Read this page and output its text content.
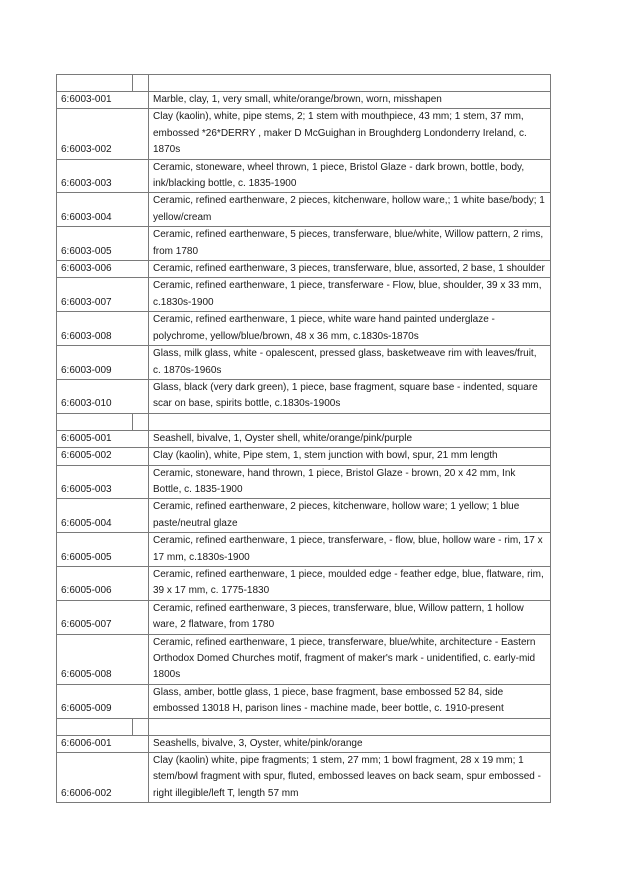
6:6003-001		Marble, clay, 1, very small, white/orange/brown, worn, misshapen
6:6003-002		Clay (kaolin), white, pipe stems, 2; 1 stem with mouthpiece, 43 mm; 1 stem, 37 mm, embossed *26*DERRY , maker D McGuighan in Broughderg Londonderry Ireland, c. 1870s
6:6003-003		Ceramic, stoneware, wheel thrown, 1 piece, Bristol Glaze - dark brown, bottle, body, ink/blacking bottle, c. 1835-1900
6:6003-004		Ceramic, refined earthenware, 2 pieces, kitchenware, hollow ware,; 1 white base/body; 1 yellow/cream
6:6003-005		Ceramic, refined earthenware, 5 pieces, transferware, blue/white, Willow pattern, 2 rims, from 1780
6:6003-006		Ceramic, refined earthenware, 3 pieces, transferware, blue, assorted, 2 base, 1 shoulder
6:6003-007		Ceramic, refined earthenware, 1 piece, transferware - Flow, blue, shoulder, 39 x 33 mm, c.1830s-1900
6:6003-008		Ceramic, refined earthenware, 1 piece, white ware hand painted underglaze - polychrome, yellow/blue/brown, 48 x 36 mm, c.1830s-1870s
6:6003-009		Glass, milk glass, white - opalescent, pressed glass, basketweave rim with leaves/fruit, c. 1870s-1960s
6:6003-010		Glass, black (very dark green), 1 piece, base fragment, square base - indented, square scar on base, spirits bottle, c.1830s-1900s

6:6005-001		Seashell, bivalve, 1, Oyster shell, white/orange/pink/purple
6:6005-002		Clay (kaolin), white, Pipe stem, 1, stem junction with bowl, spur, 21 mm length
6:6005-003		Ceramic, stoneware, hand thrown, 1 piece, Bristol Glaze - brown, 20 x 42 mm, Ink Bottle, c. 1835-1900
6:6005-004		Ceramic, refined earthenware, 2 pieces, kitchenware, hollow ware; 1 yellow; 1 blue paste/neutral glaze
6:6005-005		Ceramic, refined earthenware, 1 piece, transferware, - flow, blue, hollow ware - rim, 17 x 17 mm, c.1830s-1900
6:6005-006		Ceramic, refined earthenware, 1 piece, moulded edge - feather edge, blue, flatware, rim, 39 x 17 mm, c. 1775-1830
6:6005-007		Ceramic, refined earthenware, 3 pieces, transferware, blue, Willow pattern, 1 hollow ware, 2 flatware, from 1780
6:6005-008		Ceramic, refined earthenware, 1 piece, transferware, blue/white, architecture - Eastern Orthodox Domed Churches motif, fragment of maker's mark - unidentified, c. early-mid 1800s
6:6005-009		Glass, amber, bottle glass, 1 piece, base fragment, base embossed 52 84, side embossed 13018 H, parison lines - machine made, beer bottle, c. 1910-present

6:6006-001		Seashells, bivalve, 3, Oyster, white/pink/orange
6:6006-002		Clay (kaolin) white, pipe fragments; 1 stem, 27 mm; 1 bowl fragment, 28 x 19 mm; 1 stem/bowl fragment with spur, fluted, embossed leaves on back seam, spur embossed - right illegible/left T, length 57 mm
